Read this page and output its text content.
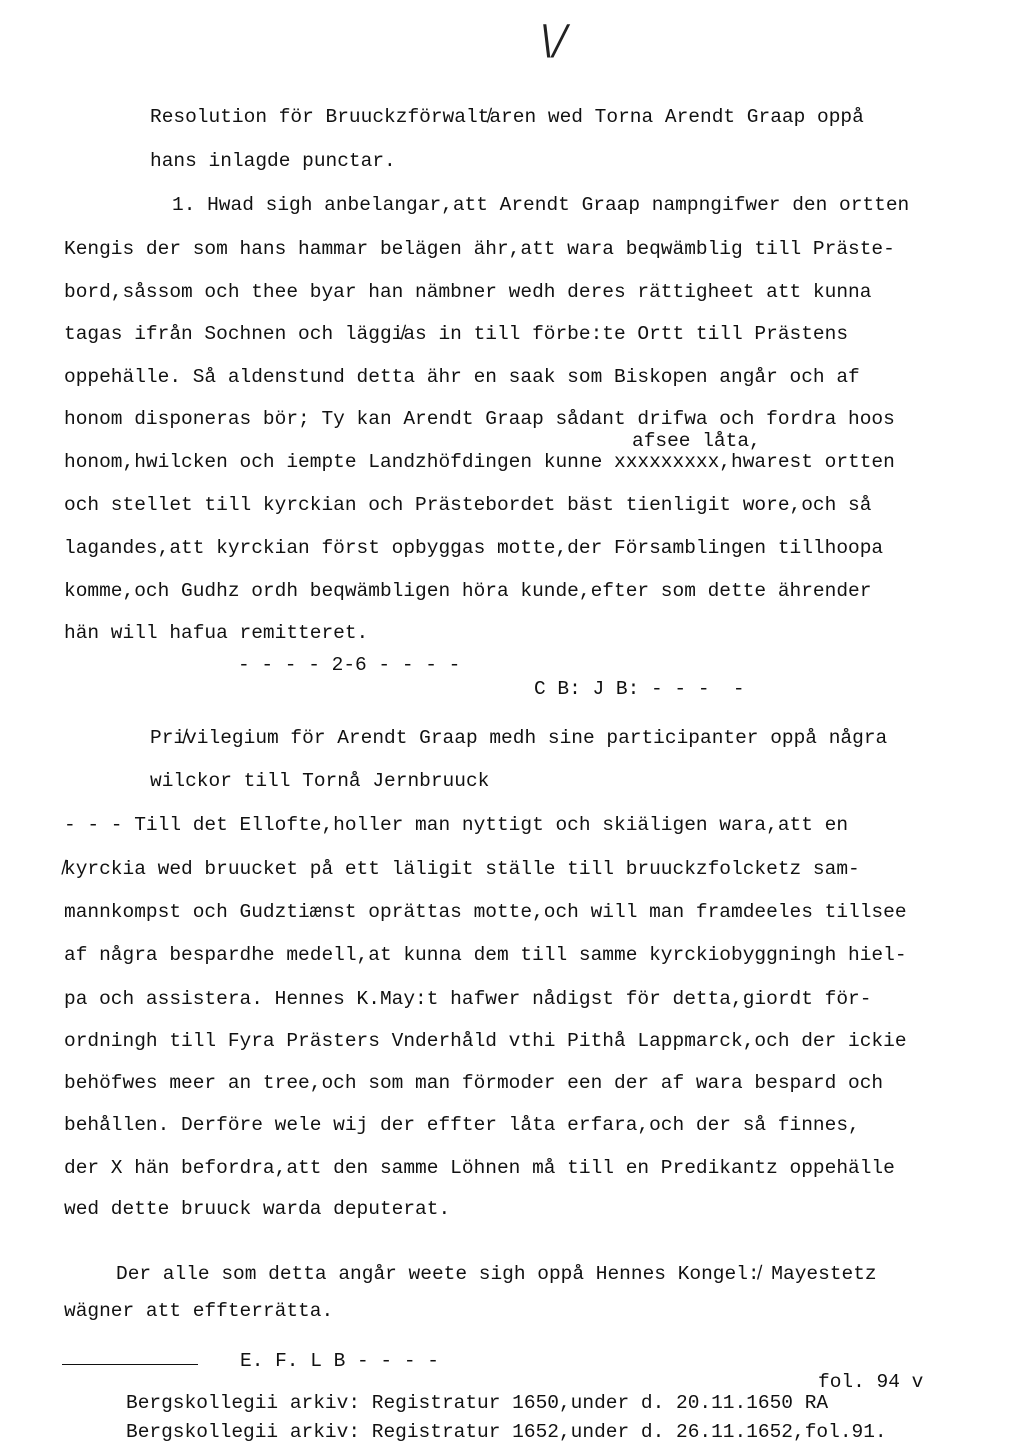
\/
Resolution för Bruuckzförwalt̸aren wed Torna Arendt Graap oppå
hans inlagde punctar.
1. Hwad sigh anbelangar,att Arendt Graap nampngifwer den ortten
Kengis der som hans hammar belägen ähr,att wara beqwämblig till Präste-
bord,såssom och thee byar han nämbner wedh deres rättigheet att kunna
tagas ifrån Sochnen och läggi̸as in till förbe:te Ortt till Prästens
oppehälle. Så aldenstund detta ähr en saak som Biskopen angår och af
honom disponeras bör; Ty kan Arendt Graap sådant drifwa och fordra hoos
afsee låta,
honom,hwilcken och iempte Landzhöfdingen kunne xxxxxxxxx,hwarest ortten
och stellet till kyrckian och Prästebordet bäst tienligit wore,och så
lagandes,att kyrckian först opbyggas motte,der Församblingen tillhoopa
komme,och Gudhz ordh beqwämbligen höra kunde,efter som dette ährender
hän will hafua remitteret.
- - - - 2-6 - - - -
C B: J B: - - -  -
Pri̸vilegium för Arendt Graap medh sine participanter oppå några
wilckor till Tornå Jernbruuck
- - - Till det Ellofte,holler man nyttigt och skiäligen wara,att en
̸kyrckia wed bruucket på ett läligit ställe till bruuckzfolcketz sam-
mannkompst och Gudztiænst oprättas motte,och will man framdeeles tillsee
af några bespardhe medell,at kunna dem till samme kyrckiobyggningh hiel-
pa och assistera. Hennes K.May:t hafwer nådigst för detta,giordt för-
ordningh till Fyra Prästers Vnderhåld vthi Pithå Lappmarck,och der ickie
behöfwes meer an tree,och som man förmoder een der af wara bespard och
behållen. Derföre wele wij der effter låta erfara,och der så finnes,
der X hän befordra,att den samme Löhnen må till en Predikantz oppehälle
wed dette bruuck warda deputerat.
Der alle som detta angår weete sigh oppå Hennes Kongel:̸ Mayestetz
wägner att effterrätta.
E. F. L B - - - -
fol. 94 v
Bergskollegii arkiv: Registratur 1650,under d. 20.11.1650 RA
Bergskollegii arkiv: Registratur 1652,under d. 26.11.1652,fol.91.
